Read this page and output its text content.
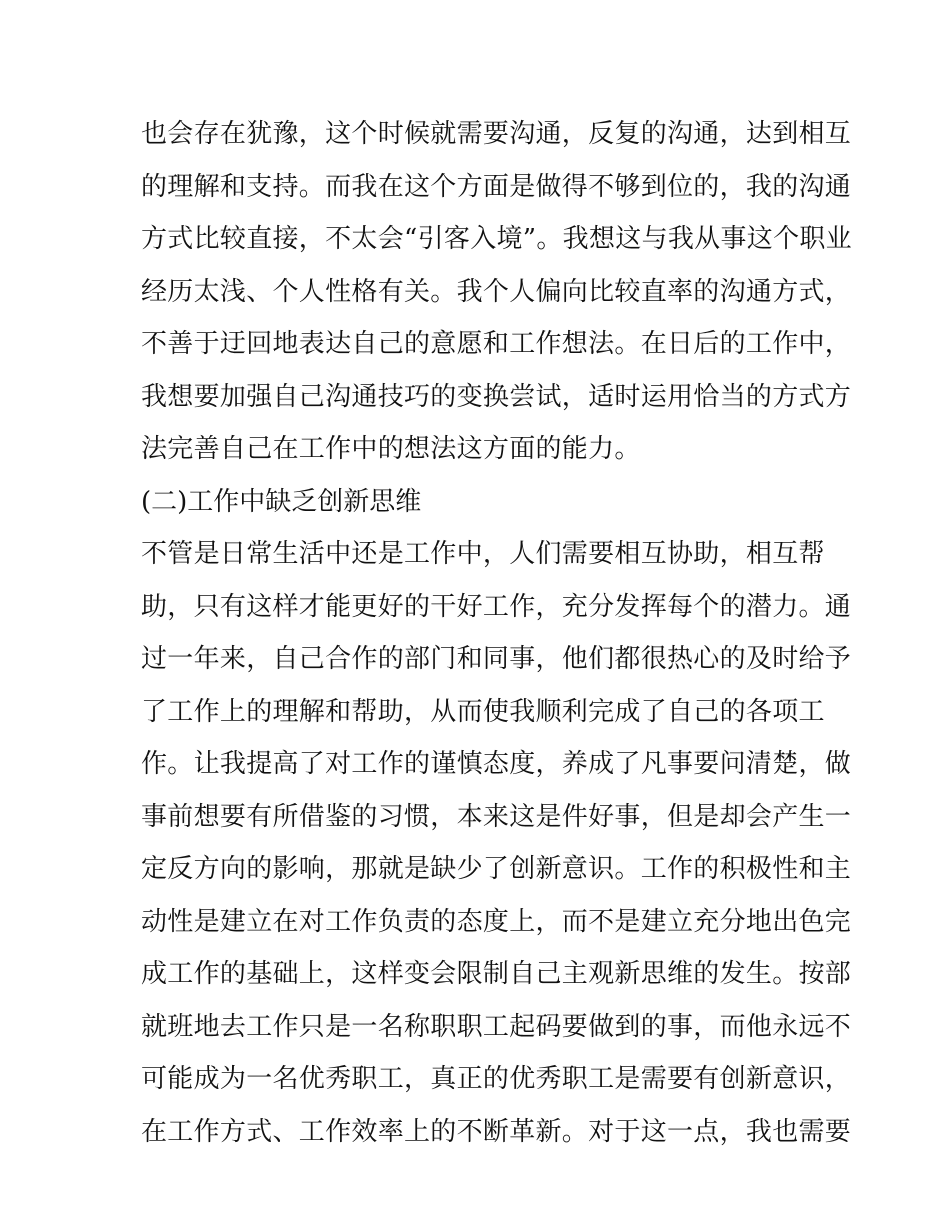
也会存在犹豫，这个时候就需要沟通，反复的沟通，达到相互
的理解和支持。而我在这个方面是做得不够到位的，我的沟通
方式比较直接，不太会“引客入境”。我想这与我从事这个职业
经历太浅、个人性格有关。我个人偏向比较直率的沟通方式，
不善于迂回地表达自己的意愿和工作想法。在日后的工作中，
我想要加强自己沟通技巧的变换尝试，适时运用恰当的方式方
法完善自己在工作中的想法这方面的能力。
(二)工作中缺乏创新思维
不管是日常生活中还是工作中，人们需要相互协助，相互帮
助，只有这样才能更好的干好工作，充分发挥每个的潜力。通
过一年来，自己合作的部门和同事，他们都很热心的及时给予
了工作上的理解和帮助，从而使我顺利完成了自己的各项工
作。让我提高了对工作的谨慎态度，养成了凡事要问清楚，做
事前想要有所借鉴的习惯，本来这是件好事，但是却会产生一
定反方向的影响，那就是缺少了创新意识。工作的积极性和主
动性是建立在对工作负责的态度上，而不是建立充分地出色完
成工作的基础上，这样变会限制自己主观新思维的发生。按部
就班地去工作只是一名称职职工起码要做到的事，而他永远不
可能成为一名优秀职工，真正的优秀职工是需要有创新意识，
在工作方式、工作效率上的不断革新。对于这一点，我也需要
